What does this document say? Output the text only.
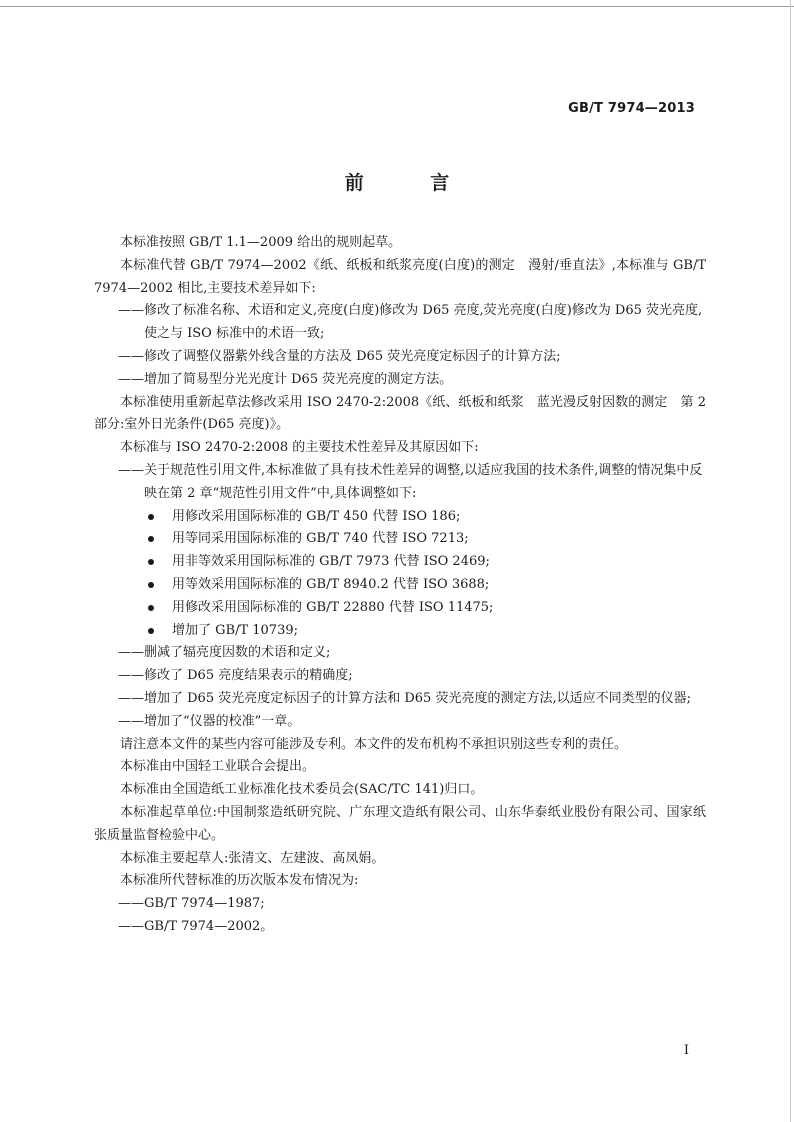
GB/T 7974—2013
前 言

本标准按照 GB/T 1.1—2009 给出的规则起草。

本标准代替 GB/T 7974—2002《纸、纸板和纸浆亮度(白度)的测定　漫射/垂直法》,本标准与 GB/T 7974—2002 相比,主要技术差异如下:

——修改了标准名称、术语和定义,亮度(白度)修改为 D65 亮度,荧光亮度(白度)修改为 D65 荧光亮度,使之与 ISO 标准中的术语一致;

——修改了调整仪器紫外线含量的方法及 D65 荧光亮度定标因子的计算方法;

——增加了简易型分光光度计 D65 荧光亮度的测定方法。

本标准使用重新起草法修改采用 ISO 2470-2:2008《纸、纸板和纸浆　蓝光漫反射因数的测定　第 2 部分:室外日光条件(D65 亮度)》。

本标准与 ISO 2470-2:2008 的主要技术性差异及其原因如下:

——关于规范性引用文件,本标准做了具有技术性差异的调整,以适应我国的技术条件,调整的情况集中反映在第 2 章“规范性引用文件”中,具体调整如下:

用修改采用国际标准的 GB/T 450 代替 ISO 186;

用等同采用国际标准的 GB/T 740 代替 ISO 7213;

用非等效采用国际标准的 GB/T 7973 代替 ISO 2469;

用等效采用国际标准的 GB/T 8940.2 代替 ISO 3688;

用修改采用国际标准的 GB/T 22880 代替 ISO 11475;

增加了 GB/T 10739;

——删减了辐亮度因数的术语和定义;

——修改了 D65 亮度结果表示的精确度;

——增加了 D65 荧光亮度定标因子的计算方法和 D65 荧光亮度的测定方法,以适应不同类型的仪器;

——增加了“仪器的校准”一章。

请注意本文件的某些内容可能涉及专利。本文件的发布机构不承担识别这些专利的责任。

本标准由中国轻工业联合会提出。

本标准由全国造纸工业标准化技术委员会(SAC/TC 141)归口。

本标准起草单位:中国制浆造纸研究院、广东理文造纸有限公司、山东华泰纸业股份有限公司、国家纸张质量监督检验中心。

本标准主要起草人:张清文、左建波、高凤娟。

本标准所代替标准的历次版本发布情况为:

——GB/T 7974—1987;

——GB/T 7974—2002。

I
